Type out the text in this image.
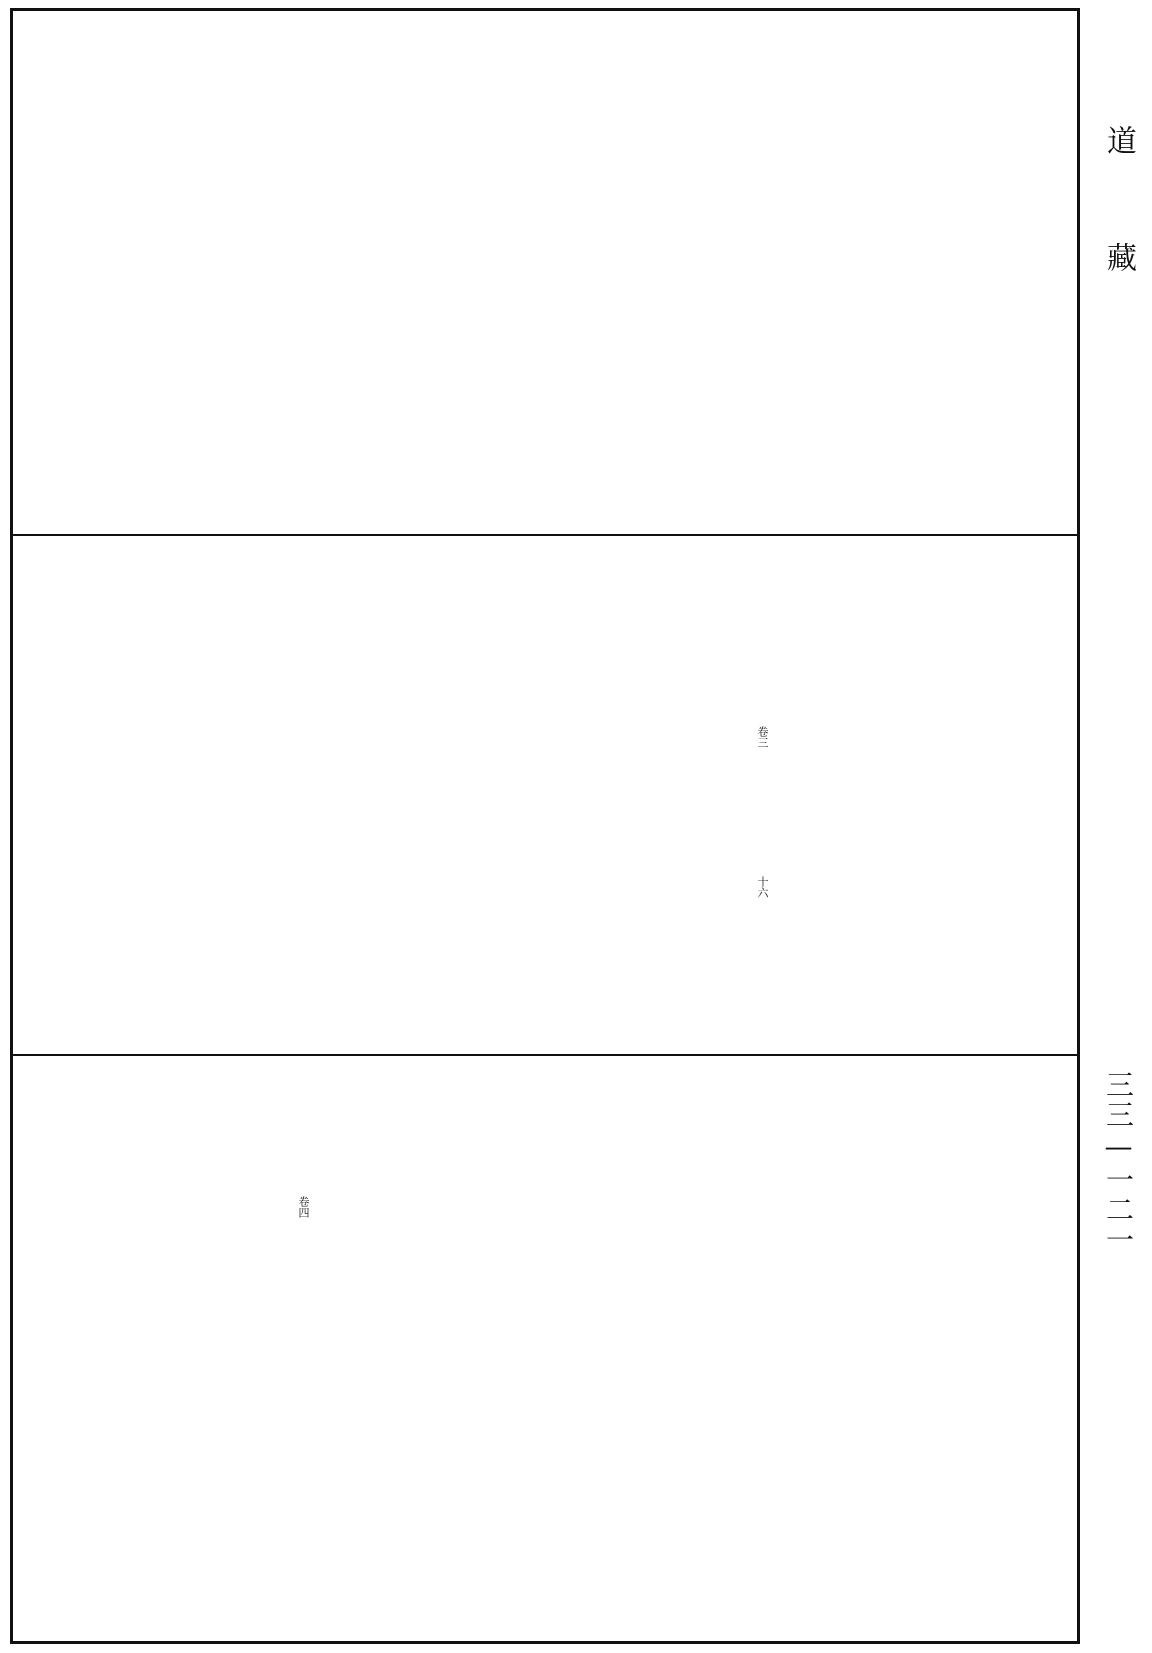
卷三
十六
卷四
道
藏
三三—一二一
